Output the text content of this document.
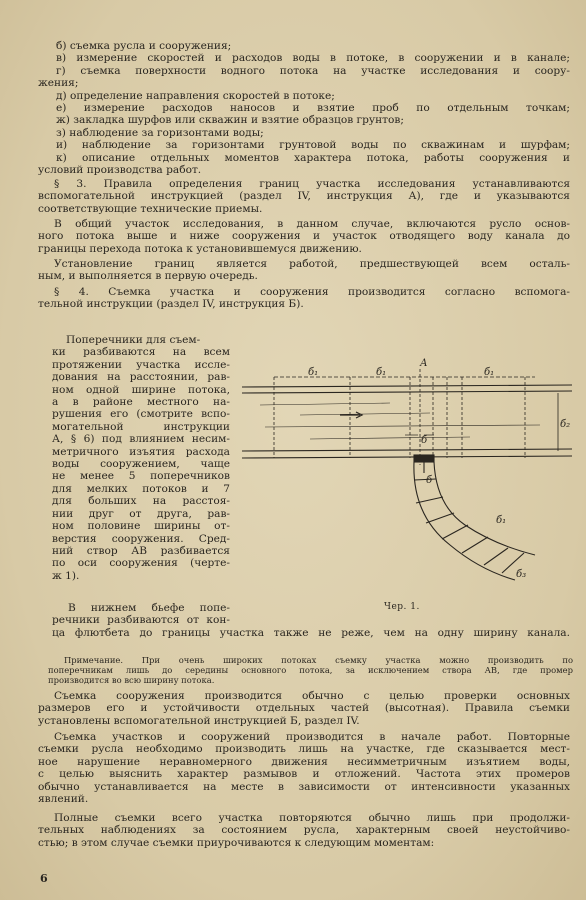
б) съемка русла и сооружения;
в) измерение скоростей и расходов воды в потоке, в сооружении и в канале;
г) съемка поверхности водного потока на участке исследования и соору-
жения;
д) определение направления скоростей в потоке;
е) измерение расходов наносов и взятие проб по отдельным точкам;
ж) закладка шурфов или скважин и взятие образцов грунтов;
з) наблюдение за горизонтами воды;
и) наблюдение за горизонтами грунтовой воды по скважинам и шурфам;
к) описание отдельных моментов характера потока, работы сооружения и
условий производства работ.
§ 3. Правила определения границ участка исследования устанавливаются
вспомогательной инструкцией (раздел IV, инструкция А), где и указываются
соответствующие технические приемы.
В общий участок исследования, в данном случае, включаются русло основ-
ного потока выше и ниже сооружения и участок отводящего воду канала до
границы перехода потока к установившемуся движению.
Установление границ является работой, предшествующей всем осталь-
ным, и выполняется в первую очередь.
§ 4. Съемка участка и сооружения производится согласно вспомога-
тельной инструкции (раздел IV, инструкция Б).
Поперечники для съем-
ки разбиваются на всем
протяжении участка иссле-
дования на расстоянии, рав-
ном одной ширине потока,
а в районе местного на-
рушения его (смотрите вспо-
могательной инструкции
А, § 6) под влиянием несим-
метричного изъятия расхода
воды сооружением, чаще
не менее 5 поперечников
для мелких потоков и 7
для больших на расстоя-
нии друг от друга, рав-
ном половине ширины от-
верстия сооружения. Сред-
ний створ АВ разбивается
по оси сооружения (черте-
ж 1).
В нижнем бьефе попе-
речники разбиваются от кон-
ца флютбета до границы участка также не реже, чем на одну ширину канала.
А
б₁	б₁	б₁
б₂
б
б
б₁
б₃
Чер. 1.
Примечание. При очень широких потоках съемку участка можно производить по
поперечникам лишь до середины основного потока, за исключением створа АВ, где промер
производится во всю ширину потока.
Съемка сооружения производится обычно с целью проверки основных
размеров его и устойчивости отдельных частей (высотная). Правила съемки
установлены вспомогательной инструкцией Б, раздел IV.
Съемка участков и сооружений производится в начале работ. Повторные
съемки русла необходимо производить лишь на участке, где сказывается мест-
ное нарушение неравномерного движения несимметричным изъятием воды,
с целью выяснить характер размывов и отложений. Частота этих промеров
обычно устанавливается на месте в зависимости от интенсивности указанных
явлений.
Полные съемки всего участка повторяются обычно лишь при продолжи-
тельных наблюдениях за состоянием русла, характерным своей неустойчиво-
стью; в этом случае съемки приурочиваются к следующим моментам:
6
